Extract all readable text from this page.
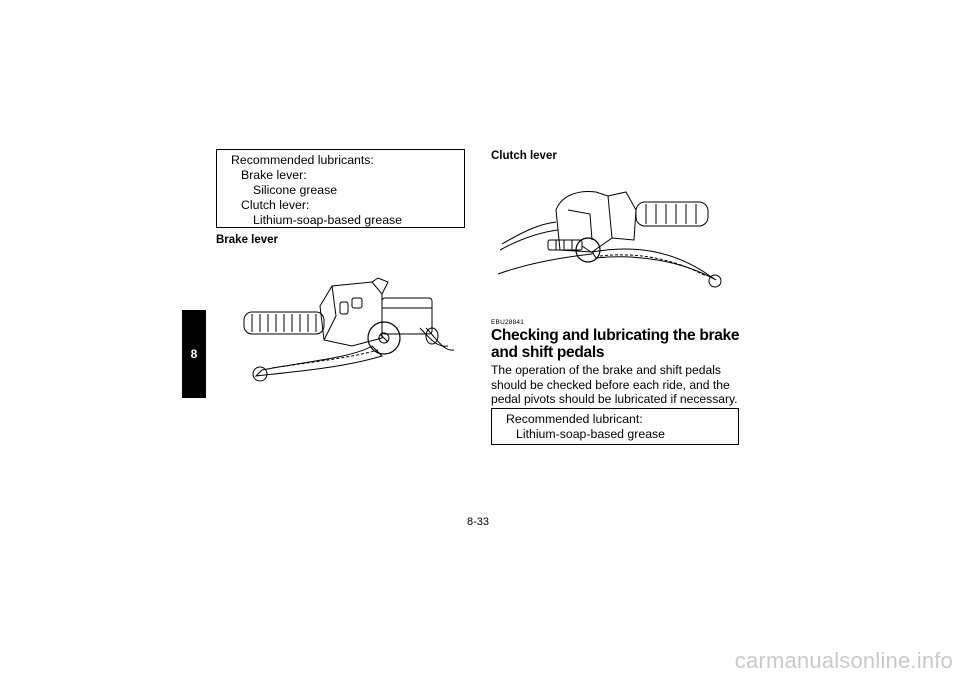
8
Recommended lubricants:
Brake lever:
Silicone grease
Clutch lever:
Lithium-soap-based grease
Brake lever
Clutch lever
EBU28841
Checking and lubricating the brake and shift pedals
The operation of the brake and shift pedals should be checked before each ride, and the pedal pivots should be lubricated if necessary.
Recommended lubricant:
Lithium-soap-based grease
8-33
carmanualsonline.info
